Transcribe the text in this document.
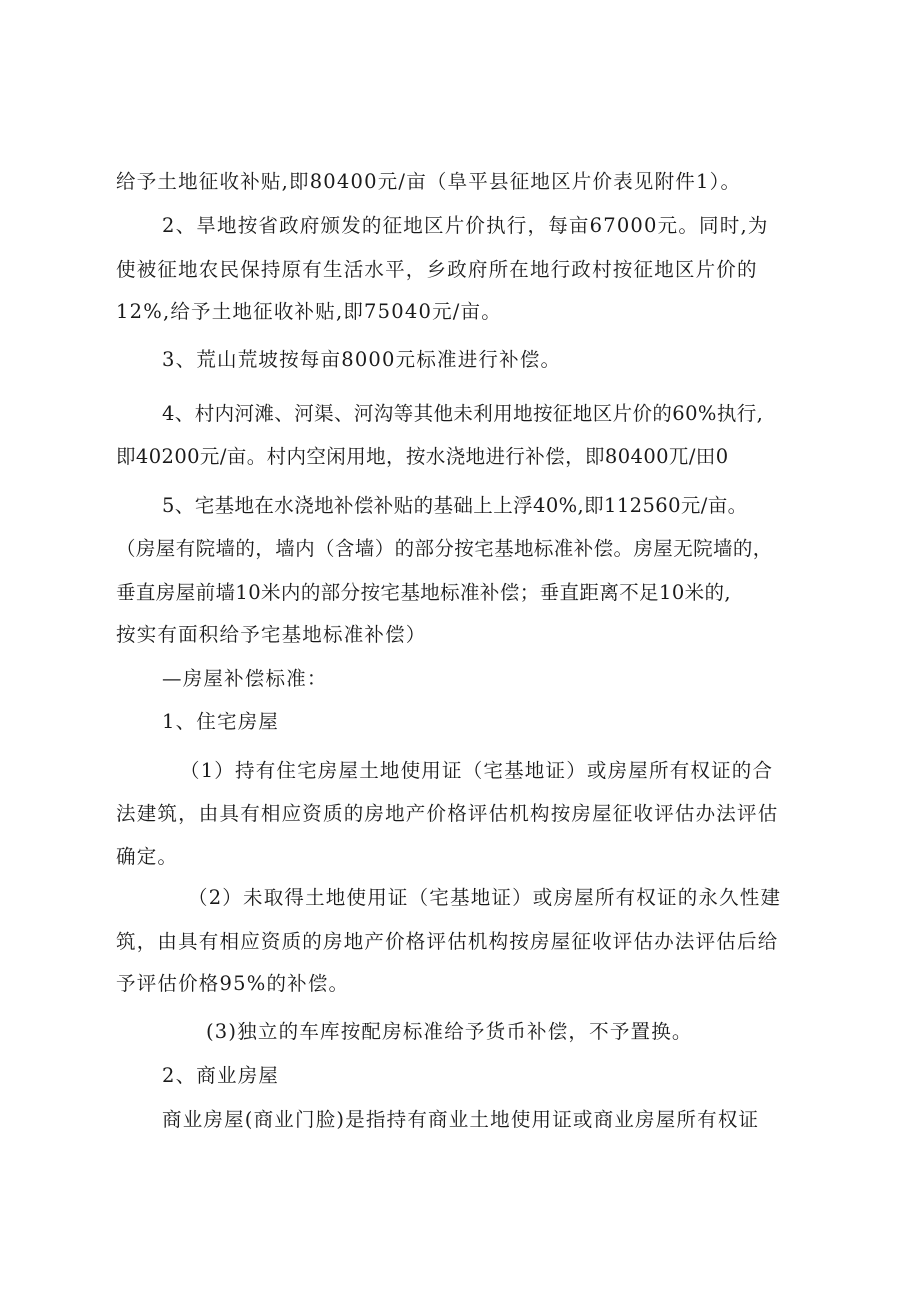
给予土地征收补贴,即80400元/亩（阜平县征地区片价表见附件1）。
2、旱地按省政府颁发的征地区片价执行，每亩67000元。同时,为
使被征地农民保持原有生活水平，乡政府所在地行政村按征地区片价的
12%,给予土地征收补贴,即75040元/亩。
3、荒山荒坡按每亩8000元标准进行补偿。
4、村内河滩、河渠、河沟等其他未利用地按征地区片价的60%执行,
即40200元/亩。村内空闲用地，按水浇地进行补偿，即80400兀/田0
5、宅基地在水浇地补偿补贴的基础上上浮40%,即112560元/亩。
（房屋有院墙的，墙内（含墙）的部分按宅基地标准补偿。房屋无院墙的，
垂直房屋前墙10米内的部分按宅基地标准补偿；垂直距离不足10米的,
按实有面积给予宅基地标准补偿）
—房屋补偿标准：
1、住宅房屋
（1）持有住宅房屋土地使用证（宅基地证）或房屋所有权证的合
法建筑，由具有相应资质的房地产价格评估机构按房屋征收评估办法评估
确定。
（2）未取得土地使用证（宅基地证）或房屋所有权证的永久性建
筑，由具有相应资质的房地产价格评估机构按房屋征收评估办法评估后给
予评估价格95%的补偿。
(3)独立的车库按配房标准给予货币补偿，不予置换。
2、商业房屋
商业房屋(商业门脸)是指持有商业土地使用证或商业房屋所有权证
